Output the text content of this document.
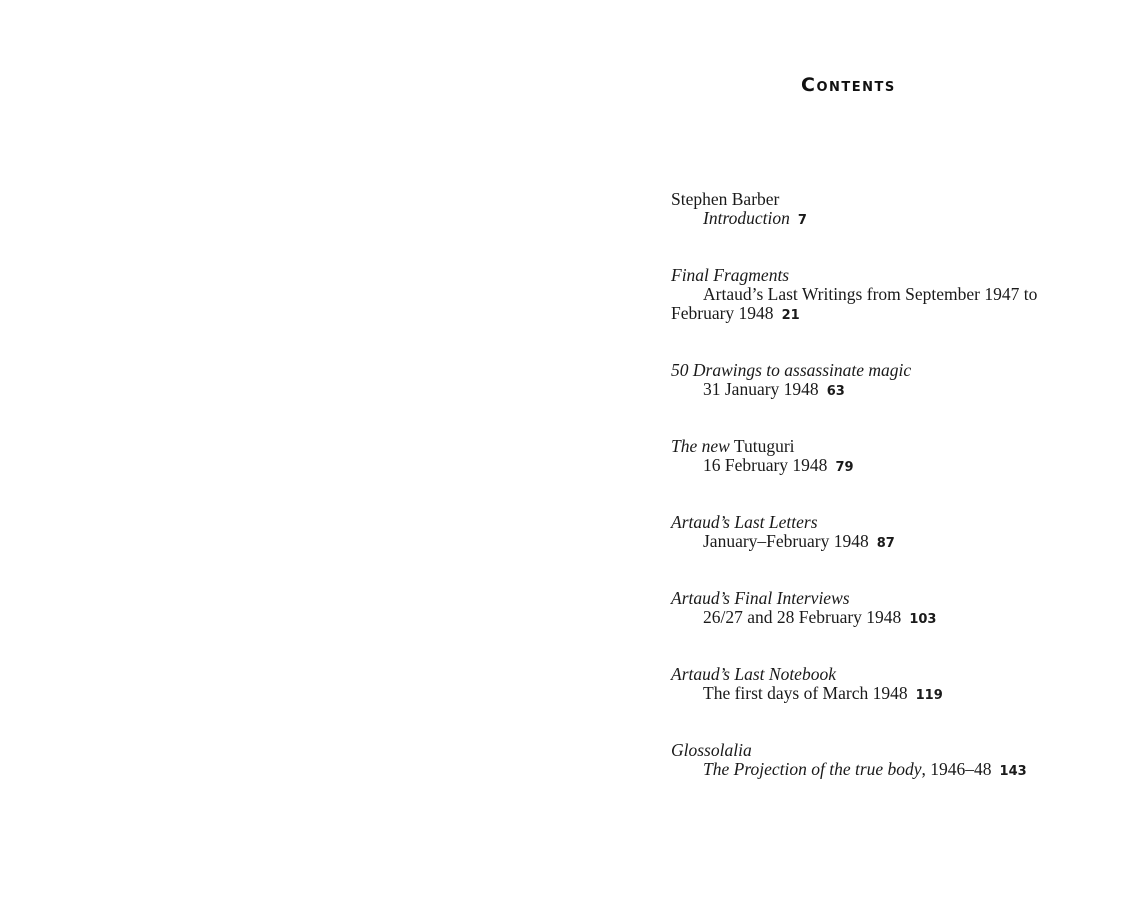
Contents
Stephen Barber
Introduction 7
Final Fragments
Artaud’s Last Writings from September 1947 to February 1948 21
50 Drawings to assassinate magic
31 January 1948 63
The new Tutuguri
16 February 1948 79
Artaud’s Last Letters
January–February 1948 87
Artaud’s Final Interviews
26/27 and 28 February 1948 103
Artaud’s Last Notebook
The first days of March 1948 119
Glossolalia
The Projection of the true body, 1946–48 143
